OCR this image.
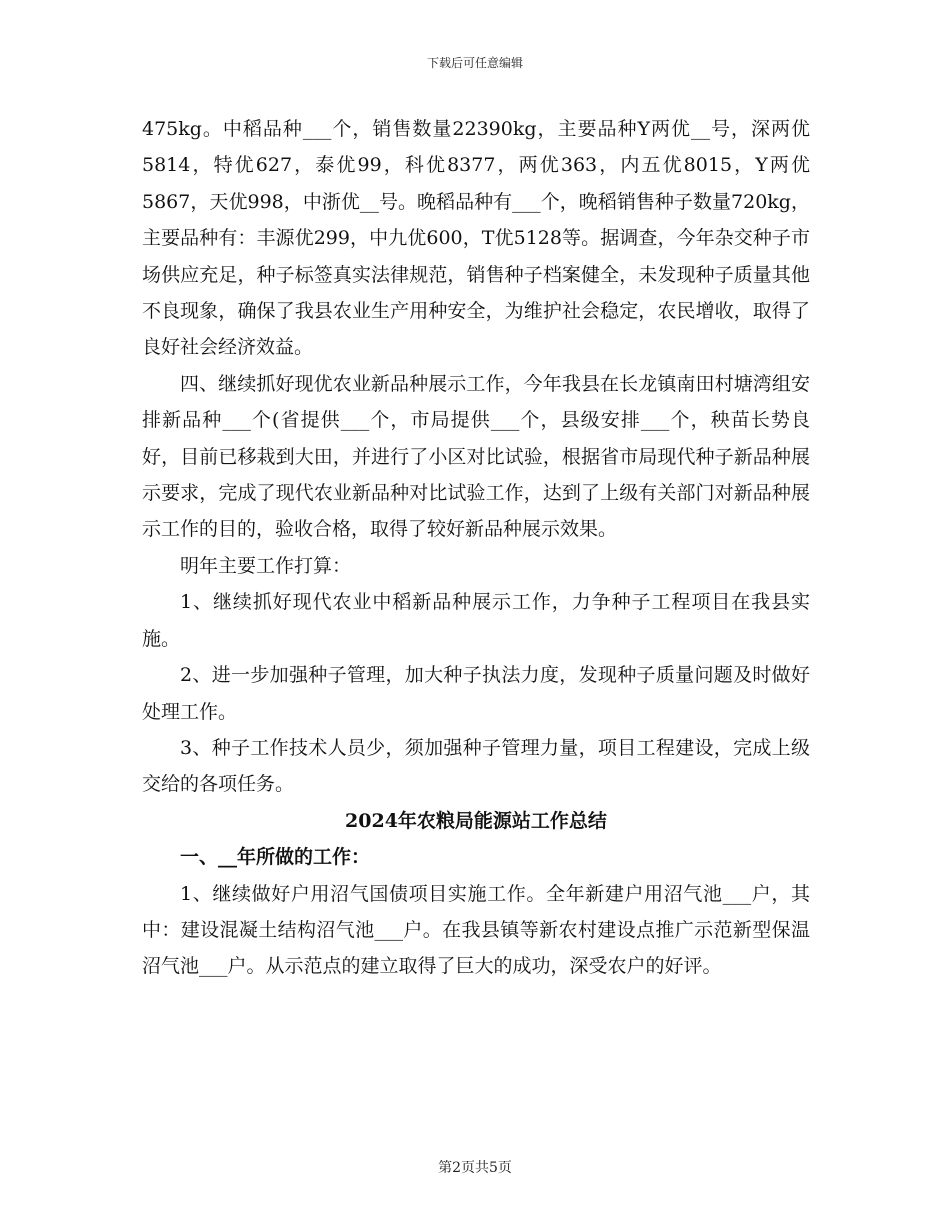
下载后可任意编辑

475kg。中稻品种___个，销售数量22390kg，主要品种Y两优__号，深两优5814，特优627，泰优99，科优8377，两优363，内五优8015，Y两优5867，天优998，中浙优__号。晚稻品种有___个，晚稻销售种子数量720kg，主要品种有：丰源优299，中九优600，T优5128等。据调查，今年杂交种子市场供应充足，种子标签真实法律规范，销售种子档案健全，未发现种子质量其他不良现象，确保了我县农业生产用种安全，为维护社会稳定，农民增收，取得了良好社会经济效益。

四、继续抓好现优农业新品种展示工作，今年我县在长龙镇南田村塘湾组安排新品种___个(省提供___个，市局提供___个，县级安排___个，秧苗长势良好，目前已移栽到大田，并进行了小区对比试验，根据省市局现代种子新品种展示要求，完成了现代农业新品种对比试验工作，达到了上级有关部门对新品种展示工作的目的，验收合格，取得了较好新品种展示效果。

明年主要工作打算：

1、继续抓好现代农业中稻新品种展示工作，力争种子工程项目在我县实施。

2、进一步加强种子管理，加大种子执法力度，发现种子质量问题及时做好处理工作。

3、种子工作技术人员少，须加强种子管理力量，项目工程建设，完成上级交给的各项任务。

2024年农粮局能源站工作总结

一、__年所做的工作：

1、继续做好户用沼气国债项目实施工作。全年新建户用沼气池___户，其中：建设混凝土结构沼气池___户。在我县镇等新农村建设点推广示范新型保温沼气池___户。从示范点的建立取得了巨大的成功，深受农户的好评。

第2页共5页
